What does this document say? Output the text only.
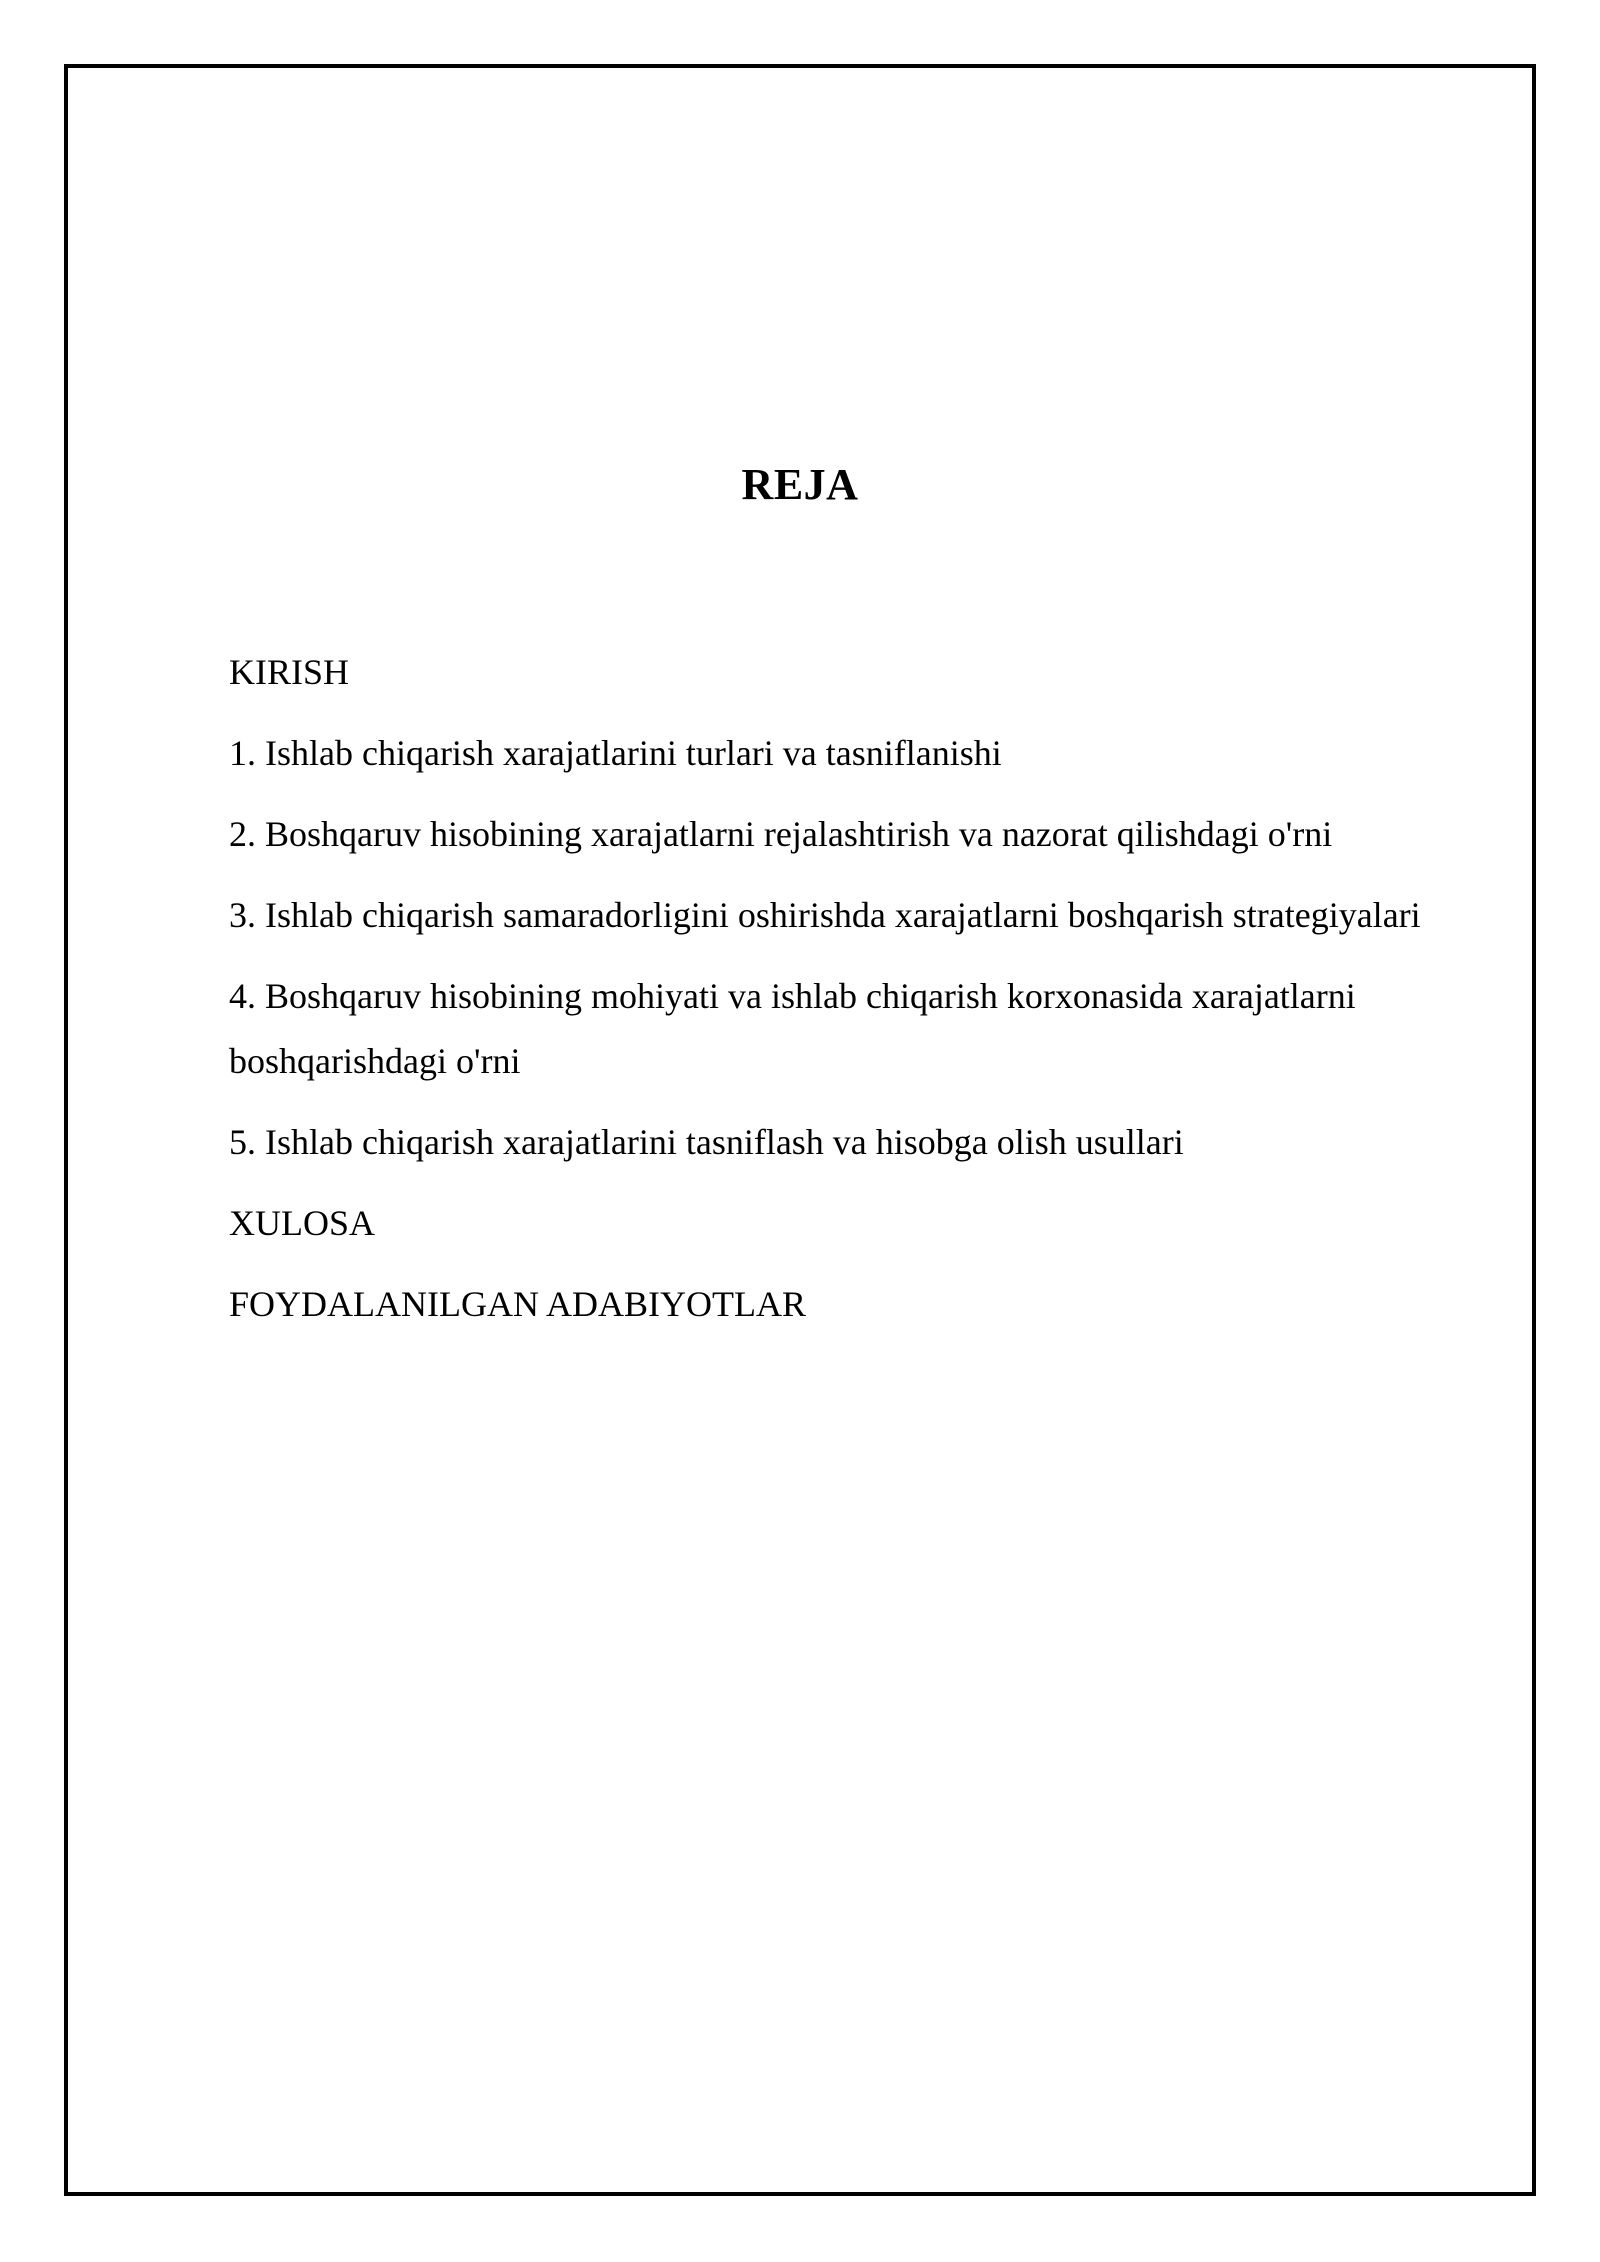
REJA
KIRISH
1. Ishlab chiqarish xarajatlarini turlari va tasniflanishi
2. Boshqaruv hisobining xarajatlarni rejalashtirish va nazorat qilishdagi o'rni
3. Ishlab chiqarish samaradorligini oshirishda xarajatlarni boshqarish strategiyalari
4. Boshqaruv hisobining mohiyati va ishlab chiqarish korxonasida xarajatlarni boshqarishdagi o'rni
5. Ishlab chiqarish xarajatlarini tasniflash va hisobga olish usullari
XULOSA
FOYDALANILGAN ADABIYOTLAR
